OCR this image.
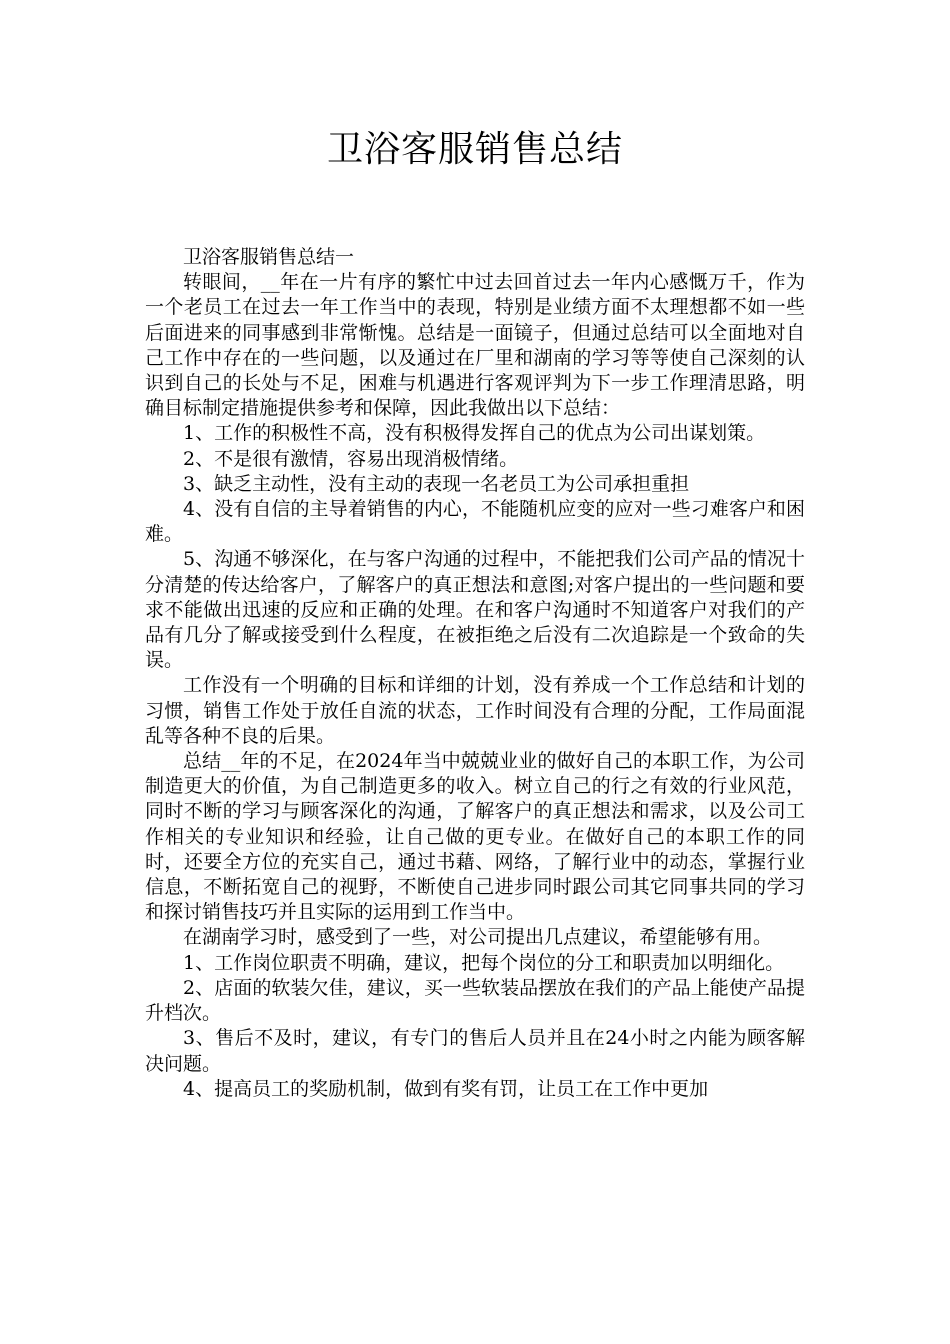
卫浴客服销售总结

卫浴客服销售总结一

转眼间，__年在一片有序的繁忙中过去回首过去一年内心感慨万千，作为一个老员工在过去一年工作当中的表现，特别是业绩方面不太理想都不如一些后面进来的同事感到非常惭愧。总结是一面镜子，但通过总结可以全面地对自己工作中存在的一些问题，以及通过在厂里和湖南的学习等等使自己深刻的认识到自己的长处与不足，困难与机遇进行客观评判为下一步工作理清思路，明确目标制定措施提供参考和保障，因此我做出以下总结：

1、工作的积极性不高，没有积极得发挥自己的优点为公司出谋划策。

2、不是很有激情，容易出现消极情绪。

3、缺乏主动性，没有主动的表现一名老员工为公司承担重担

4、没有自信的主导着销售的内心，不能随机应变的应对一些刁难客户和困难。

5、沟通不够深化，在与客户沟通的过程中，不能把我们公司产品的情况十分清楚的传达给客户，了解客户的真正想法和意图;对客户提出的一些问题和要求不能做出迅速的反应和正确的处理。在和客户沟通时不知道客户对我们的产品有几分了解或接受到什么程度，在被拒绝之后没有二次追踪是一个致命的失误。

工作没有一个明确的目标和详细的计划，没有养成一个工作总结和计划的习惯，销售工作处于放任自流的状态，工作时间没有合理的分配，工作局面混乱等各种不良的后果。

总结__年的不足，在2024年当中兢兢业业的做好自己的本职工作，为公司制造更大的价值，为自己制造更多的收入。树立自己的行之有效的行业风范，同时不断的学习与顾客深化的沟通，了解客户的真正想法和需求，以及公司工作相关的专业知识和经验，让自己做的更专业。在做好自己的本职工作的同时，还要全方位的充实自己，通过书藉、网络，了解行业中的动态，掌握行业信息，不断拓宽自己的视野，不断使自己进步同时跟公司其它同事共同的学习和探讨销售技巧并且实际的运用到工作当中。

在湖南学习时，感受到了一些，对公司提出几点建议，希望能够有用。

1、工作岗位职责不明确，建议，把每个岗位的分工和职责加以明细化。

2、店面的软装欠佳，建议，买一些软装品摆放在我们的产品上能使产品提升档次。

3、售后不及时，建议，有专门的售后人员并且在24小时之内能为顾客解决问题。

4、提高员工的奖励机制，做到有奖有罚，让员工在工作中更加
